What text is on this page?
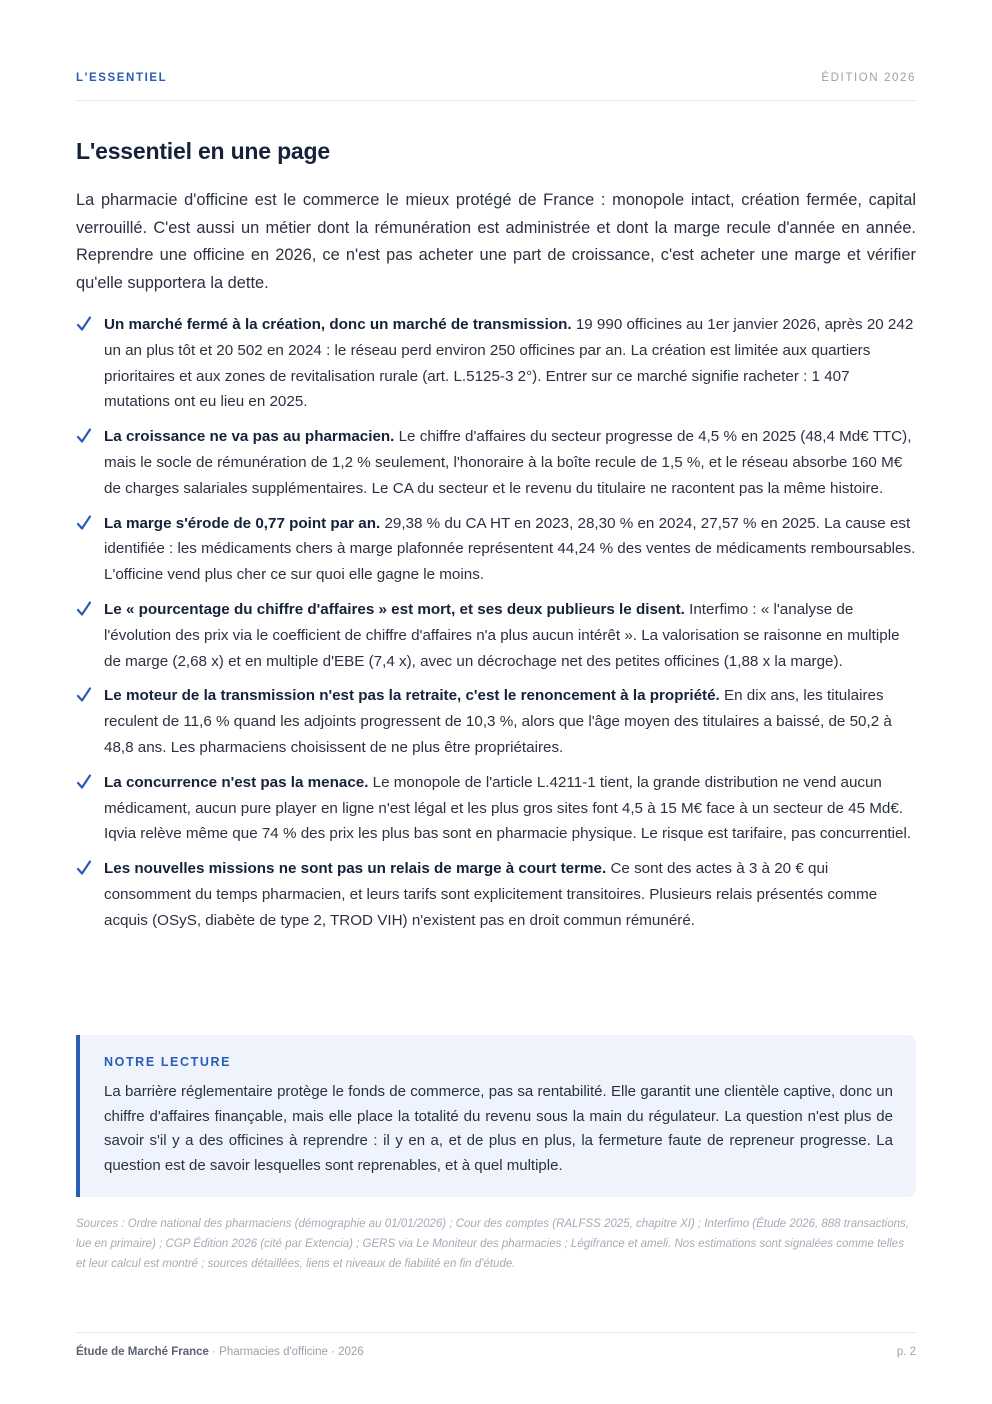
L'ESSENTIEL	ÉDITION 2026
L'essentiel en une page

La pharmacie d'officine est le commerce le mieux protégé de France : monopole intact, création fermée, capital verrouillé. C'est aussi un métier dont la rémunération est administrée et dont la marge recule d'année en année. Reprendre une officine en 2026, ce n'est pas acheter une part de croissance, c'est acheter une marge et vérifier qu'elle supportera la dette.

Un marché fermé à la création, donc un marché de transmission. 19 990 officines au 1er janvier 2026, après 20 242 un an plus tôt et 20 502 en 2024 : le réseau perd environ 250 officines par an. La création est limitée aux quartiers prioritaires et aux zones de revitalisation rurale (art. L.5125-3 2°). Entrer sur ce marché signifie racheter : 1 407 mutations ont eu lieu en 2025.
La croissance ne va pas au pharmacien. Le chiffre d'affaires du secteur progresse de 4,5 % en 2025 (48,4 Md€ TTC), mais le socle de rémunération de 1,2 % seulement, l'honoraire à la boîte recule de 1,5 %, et le réseau absorbe 160 M€ de charges salariales supplémentaires. Le CA du secteur et le revenu du titulaire ne racontent pas la même histoire.
La marge s'érode de 0,77 point par an. 29,38 % du CA HT en 2023, 28,30 % en 2024, 27,57 % en 2025. La cause est identifiée : les médicaments chers à marge plafonnée représentent 44,24 % des ventes de médicaments remboursables. L'officine vend plus cher ce sur quoi elle gagne le moins.
Le « pourcentage du chiffre d'affaires » est mort, et ses deux publieurs le disent. Interfimo : « l'analyse de l'évolution des prix via le coefficient de chiffre d'affaires n'a plus aucun intérêt ». La valorisation se raisonne en multiple de marge (2,68 x) et en multiple d'EBE (7,4 x), avec un décrochage net des petites officines (1,88 x la marge).
Le moteur de la transmission n'est pas la retraite, c'est le renoncement à la propriété. En dix ans, les titulaires reculent de 11,6 % quand les adjoints progressent de 10,3 %, alors que l'âge moyen des titulaires a baissé, de 50,2 à 48,8 ans. Les pharmaciens choisissent de ne plus être propriétaires.
La concurrence n'est pas la menace. Le monopole de l'article L.4211-1 tient, la grande distribution ne vend aucun médicament, aucun pure player en ligne n'est légal et les plus gros sites font 4,5 à 15 M€ face à un secteur de 45 Md€. Iqvia relève même que 74 % des prix les plus bas sont en pharmacie physique. Le risque est tarifaire, pas concurrentiel.
Les nouvelles missions ne sont pas un relais de marge à court terme. Ce sont des actes à 3 à 20 € qui consomment du temps pharmacien, et leurs tarifs sont explicitement transitoires. Plusieurs relais présentés comme acquis (OSyS, diabète de type 2, TROD VIH) n'existent pas en droit commun rémunéré.
NOTRE LECTURE

La barrière réglementaire protège le fonds de commerce, pas sa rentabilité. Elle garantit une clientèle captive, donc un chiffre d'affaires finançable, mais elle place la totalité du revenu sous la main du régulateur. La question n'est plus de savoir s'il y a des officines à reprendre : il y en a, et de plus en plus, la fermeture faute de repreneur progresse. La question est de savoir lesquelles sont reprenables, et à quel multiple.

Sources : Ordre national des pharmaciens (démographie au 01/01/2026) ; Cour des comptes (RALFSS 2025, chapitre XI) ; Interfimo (Étude 2026, 888 transactions, lue en primaire) ; CGP Édition 2026 (cité par Extencia) ; GERS via Le Moniteur des pharmacies ; Légifrance et ameli. Nos estimations sont signalées comme telles et leur calcul est montré ; sources détaillées, liens et niveaux de fiabilité en fin d'étude.

Étude de Marché France · Pharmacies d'officine · 2026	p. 2
